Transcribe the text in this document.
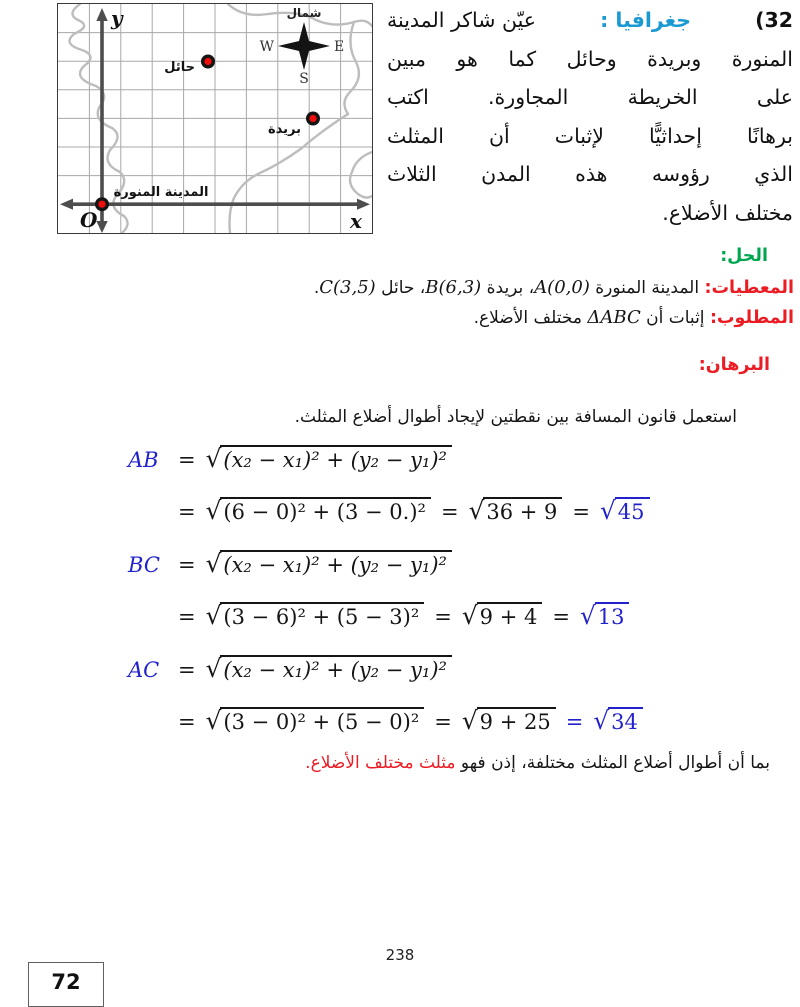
y
x
O
شمال
W	E
S
حائل
بريدة
المدينة المنورة
(32
جغرافيا :
عيّن شاكر المدينة
المنورة وبريدة وحائل كما هو مبين
على الخريطة المجاورة. اكتب
برهانًا إحداثيًّا لإثبات أن المثلث
الذي رؤوسه هذه المدن الثلاث
مختلف الأضلاع.
الحل:
المعطيات: المدينة المنورة A(0,0)، بريدة B(6,3)، حائل C(3,5).
المطلوب: إثبات أن ΔABC مختلف الأضلاع.
البرهان:
استعمل قانون المسافة بين نقطتين لإيجاد أطوال أضلاع المثلث.
AB =	√ (x₂ − x₁)² + (y₂ − y₁)²
=	√ (6 − 0)² + (3 − 0.)² =	√ 36 + 9 =	√ 45
BC =	√ (x₂ − x₁)² + (y₂ − y₁)²
=	√ (3 − 6)² + (5 − 3)² =	√ 9 + 4 =	√ 13
AC =	√ (x₂ − x₁)² + (y₂ − y₁)²
=	√ (3 − 0)² + (5 − 0)² =	√ 9 + 25 =	√ 34
بما أن أطوال أضلاع المثلث مختلفة، إذن فهو مثلث مختلف الأضلاع.
238
72
